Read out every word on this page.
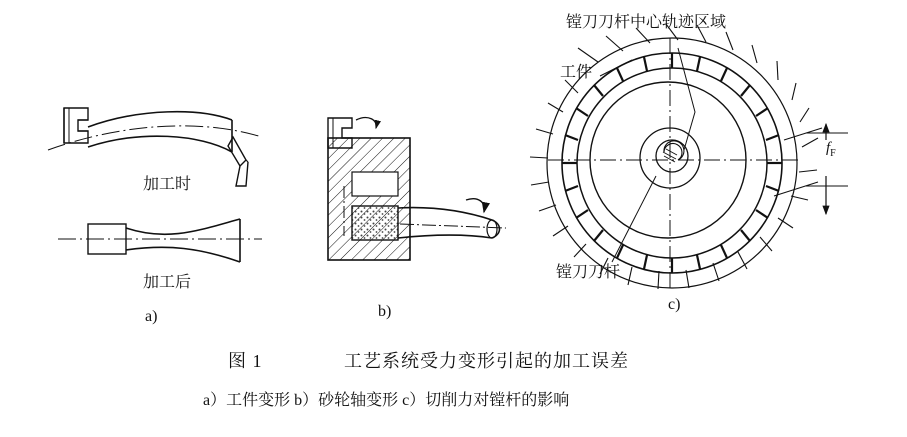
加工时
加工后
a)	b)
镗刀刀杆中心轨迹区域
工件
镗刀刀杆
$f_F$
c)
图 1	工艺系统受力变形引起的加工误差
a）工件变形 b）砂轮轴变形 c）切削力对镗杆的影响
